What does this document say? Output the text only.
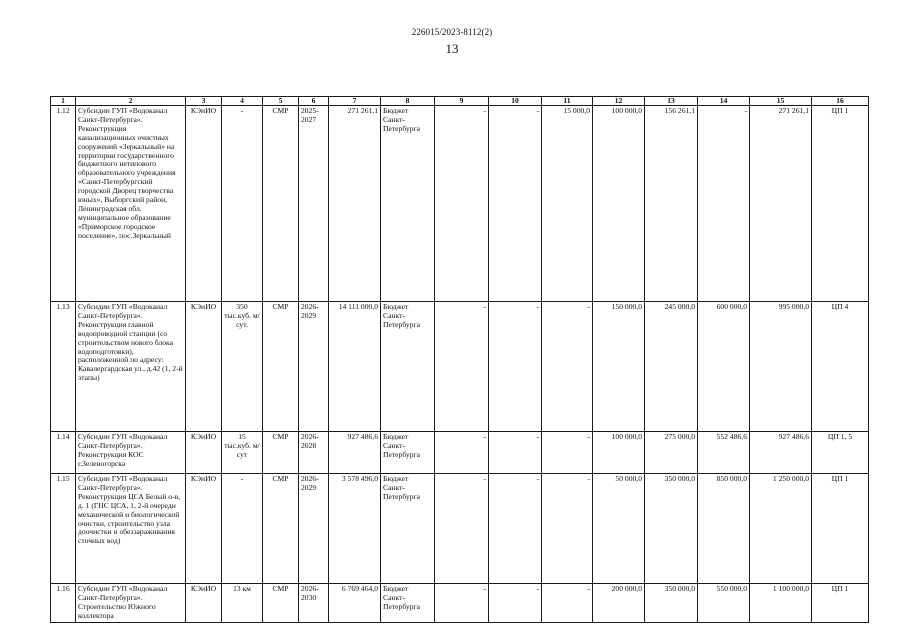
226015/2023-8112(2)
13
1	2	3	4	5	6	7	8	9	10	11	12	13	14	15	16
1.12	Субсидии ГУП «Водоканал Санкт-Петербурга». Реконструкция канализационных очистных сооружений «Зеркальный» на территории государственного бюджетного нетипового образовательного учреждения «Санкт-Петербургский городской Дворец творчества юных», Выборгский район, Ленинградская обл. муниципальное образование «Приморское городское поселение», пос.Зеркальный	КЭиИО	-	СМР	2025-2027	271 261,1	Бюджет Санкт-Петербурга	-	-	15 000,0	100 000,0	156 261,1	-	271 261,1	ЦП 1
1.13	Субсидии ГУП «Водоканал Санкт-Петербурга». Реконструкция главной водопроводной станции (со строительством нового блока водоподготовки), расположенной по адресу: Кавалергардская ул., д.42 (1, 2-й этапы)	КЭиИО	350 тыс.куб. м/сут.	СМР	2026-2029	14 111 000,0	Бюджет Санкт-Петербурга	-	-	-	150 000,0	245 000,0	600 000,0	995 000,0	ЦП 4
1.14	Субсидии ГУП «Водоканал Санкт-Петербурга». Реконструкция КОС г.Зеленогорска	КЭиИО	15 тыс.куб. м/сут	СМР	2026-2028	927 486,6	Бюджет Санкт-Петербурга	-	-	-	100 000,0	275 000,0	552 486,6	927 486,6	ЦП 1, 5
1.15	Субсидии ГУП «Водоканал Санкт-Петербурга». Реконструкция ЦСА Белый о-в, д. 1 (ГНС ЦСА, 1, 2-й очереди механической и биологической очистки, строительство узла доочистки и обеззараживания сточных вод)	КЭиИО	-	СМР	2026-2029	3 578 496,0	Бюджет Санкт-Петербурга	-	-	-	50 000,0	350 000,0	850 000,0	1 250 000,0	ЦП 1
1.16	Субсидии ГУП «Водоканал Санкт-Петербурга». Строительство Южного коллектора	КЭиИО	13 км	СМР	2026-2030	6 769 464,0	Бюджет Санкт-Петербурга	-	-	-	200 000,0	350 000,0	550 000,0	1 100 000,0	ЦП 1
